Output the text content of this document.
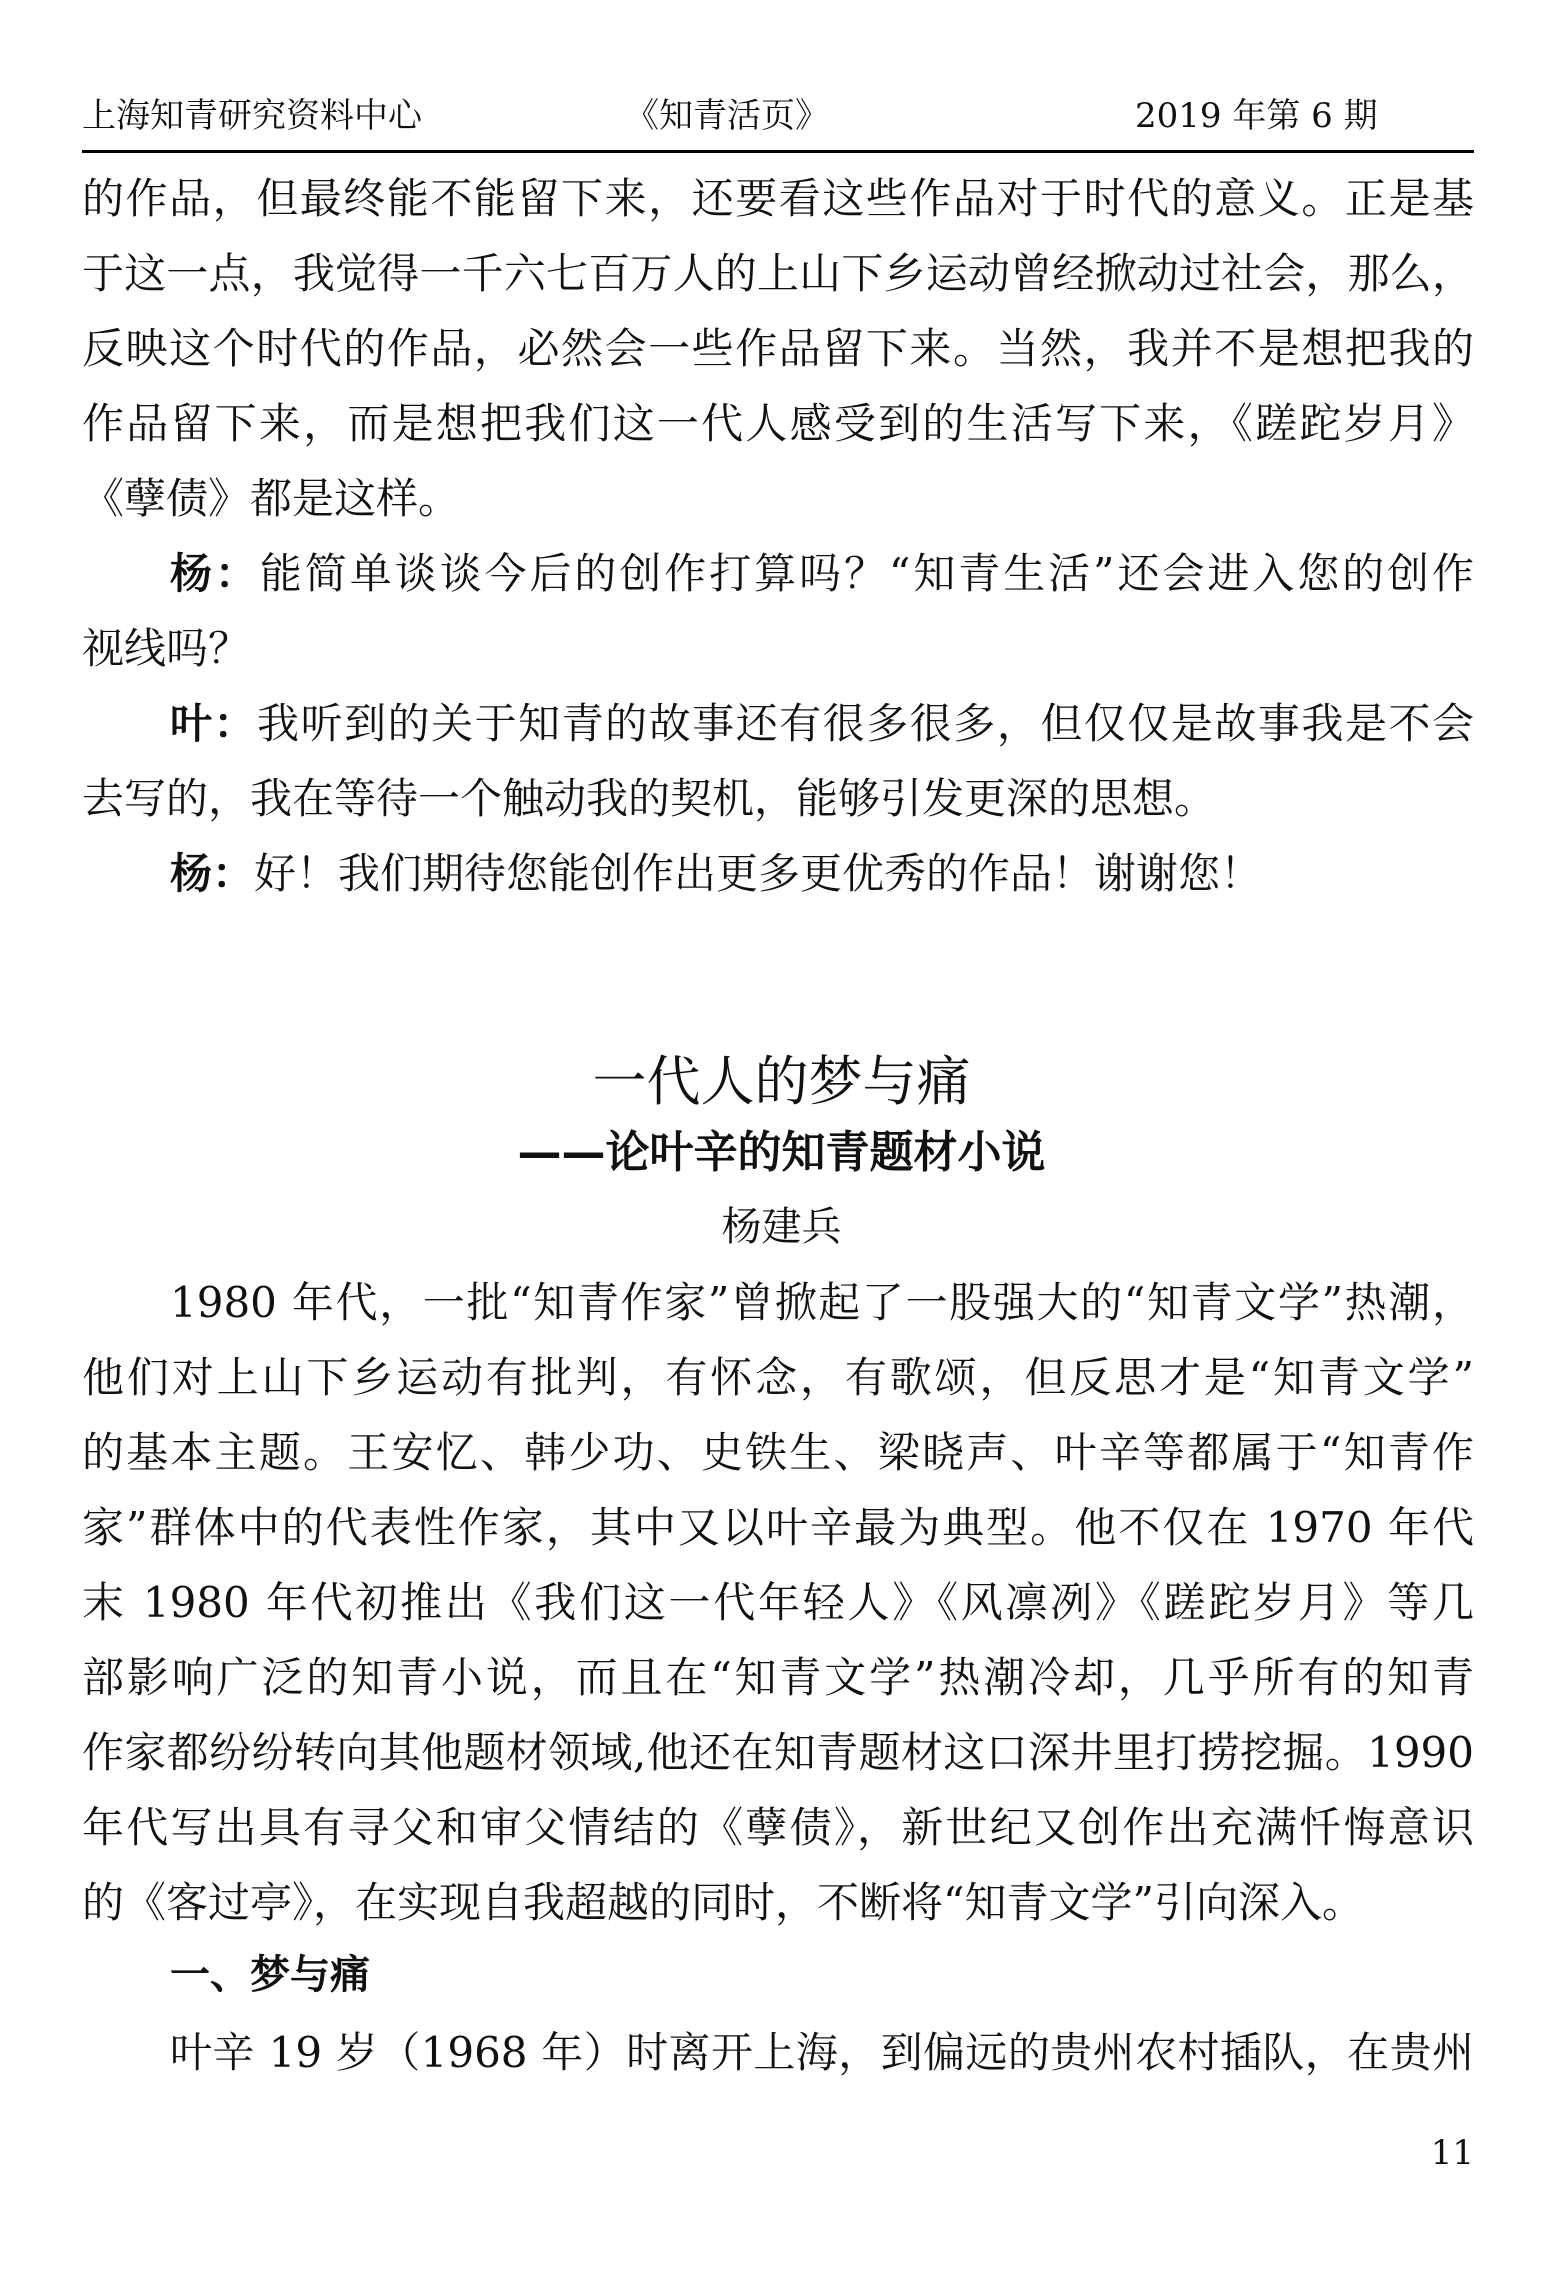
上海知青研究资料中心	《知青活页》	2019 年第 6 期
的作品，但最终能不能留下来，还要看这些作品对于时代的意义。正是基
于这一点，我觉得一千六七百万人的上山下乡运动曾经掀动过社会，那么，
反映这个时代的作品，必然会一些作品留下来。当然，我并不是想把我的
作品留下来，而是想把我们这一代人感受到的生活写下来，《蹉跎岁月》
《孽债》都是这样。
杨：能简单谈谈今后的创作打算吗？“知青生活”还会进入您的创作
视线吗？
叶：我听到的关于知青的故事还有很多很多，但仅仅是故事我是不会
去写的，我在等待一个触动我的契机，能够引发更深的思想。
杨：好！我们期待您能创作出更多更优秀的作品！谢谢您！
一代人的梦与痛
——论叶辛的知青题材小说
杨建兵
1980 年代，一批“知青作家”曾掀起了一股强大的“知青文学”热潮，
他们对上山下乡运动有批判，有怀念，有歌颂，但反思才是“知青文学”
的基本主题。王安忆、韩少功、史铁生、梁晓声、叶辛等都属于“知青作
家”群体中的代表性作家，其中又以叶辛最为典型。他不仅在 1970 年代
末 1980 年代初推出《我们这一代年轻人》《风凛冽》《蹉跎岁月》等几
部影响广泛的知青小说，而且在“知青文学”热潮冷却，几乎所有的知青
作家都纷纷转向其他题材领域,他还在知青题材这口深井里打捞挖掘。1990
年代写出具有寻父和审父情结的《孽债》，新世纪又创作出充满忏悔意识
的《客过亭》，在实现自我超越的同时，不断将“知青文学”引向深入。
一、梦与痛
叶辛 19 岁（1968 年）时离开上海，到偏远的贵州农村插队，在贵州
11
